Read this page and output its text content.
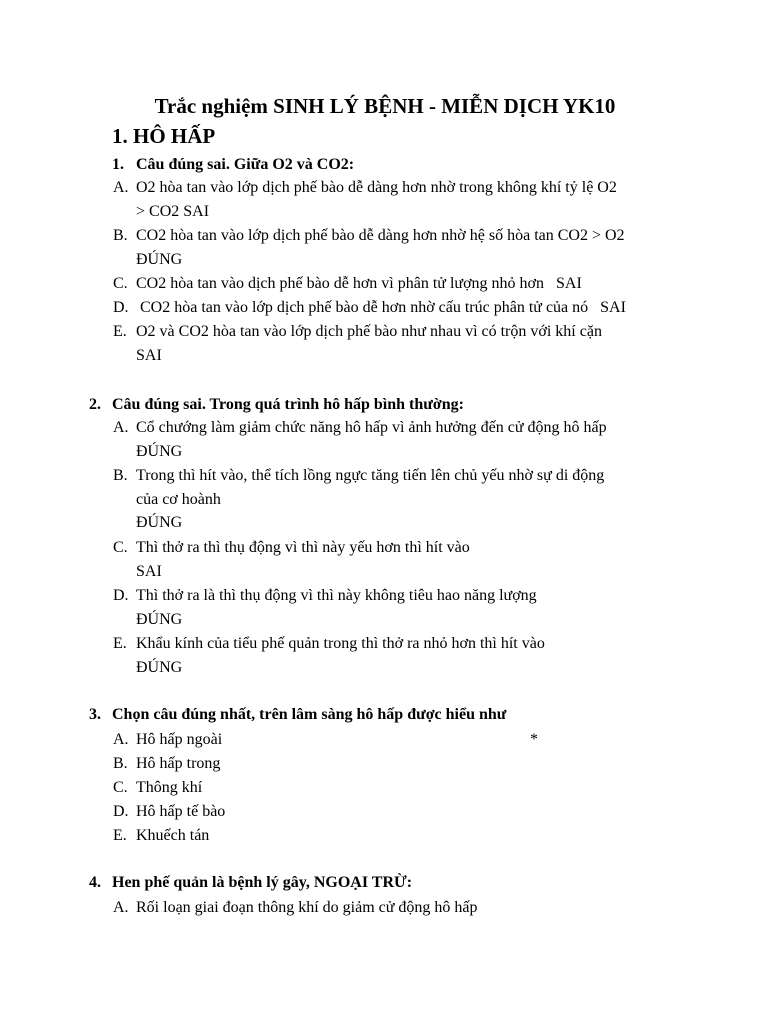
Trắc nghiệm SINH LÝ BỆNH - MIỄN DỊCH YK10
1. HÔ HẤP
1. Câu đúng sai. Giữa O2 và CO2:
A. O2 hòa tan vào lớp dịch phế bào dễ dàng hơn nhờ trong không khí tỷ lệ O2
> CO2 SAI
B. CO2 hòa tan vào lớp dịch phế bào dễ dàng hơn nhờ hệ số hòa tan CO2 > O2
ĐÚNG
C. CO2 hòa tan vào dịch phế bào dễ hơn vì phân tử lượng nhỏ hơn   SAI
D. CO2 hòa tan vào lớp dịch phế bào dễ hơn nhờ cấu trúc phân tử của nó   SAI
E. O2 và CO2 hòa tan vào lớp dịch phế bào như nhau vì có trộn với khí cặn
SAI
2. Câu đúng sai. Trong quá trình hô hấp bình thường:
A. Cổ chướng làm giảm chức năng hô hấp vì ảnh hưởng đến cử động hô hấp
ĐÚNG
B. Trong thì hít vào, thể tích lồng ngực tăng tiến lên chủ yếu nhờ sự di động
của cơ hoành
ĐÚNG
C. Thì thở ra thì thụ động vì thì này yếu hơn thì hít vào
SAI
D. Thì thở ra là thì thụ động vì thì này không tiêu hao năng lượng
ĐÚNG
E. Khẩu kính của tiểu phế quản trong thì thở ra nhỏ hơn thì hít vào
ĐÚNG
3. Chọn câu đúng nhất, trên lâm sàng hô hấp được hiểu như
A. Hô hấp ngoài	*
B. Hô hấp trong
C. Thông khí
D. Hô hấp tế bào
E. Khuếch tán
4. Hen phế quản là bệnh lý gây, NGOẠI TRỪ:
A. Rối loạn giai đoạn thông khí do giảm cử động hô hấp
